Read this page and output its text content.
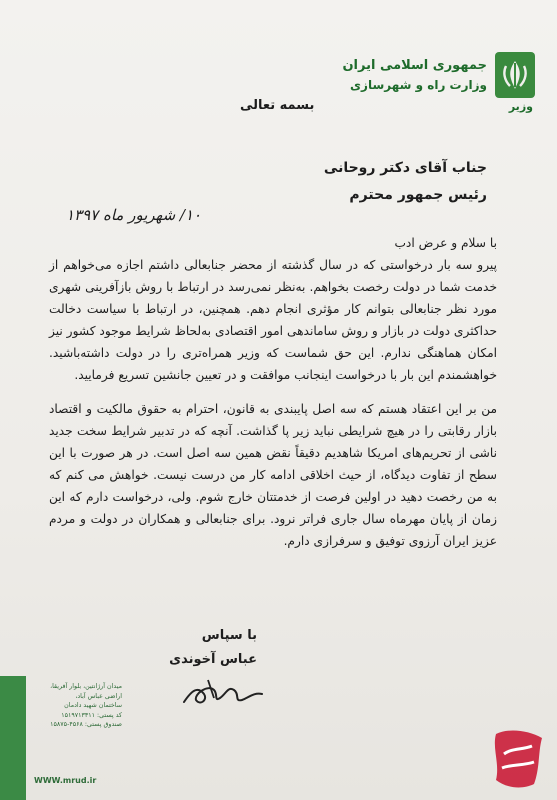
جمهوری اسلامی ایران
وزارت راه و شهرسازی
وزیر
بسمه تعالی
جناب آقای دکتر روحانی
رئیس جمهور محترم
۱۰/ شهریور ماه ۱۳۹۷

با سلام و عرض ادب

پیرو سه بار درخواستی که در سال گذشته از محضر جنابعالی داشتم اجازه می‌خواهم از خدمت شما در دولت رخصت بخواهم. به‌نظر نمی‌رسد در ارتباط با روش بازآفرینی شهری مورد نظر جنابعالی بتوانم کار مؤثری انجام دهم. همچنین، در ارتباط با سیاست دخالت حداکثری دولت در بازار و روش ساماندهی امور اقتصادی به‌لحاظ شرایط موجود کشور نیز امکان هماهنگی ندارم. این حق شماست که وزیر همراه‌تری را در دولت داشته‌باشید. خواهشمندم این بار با درخواست اینجانب موافقت و در تعیین جانشین تسریع فرمایید.

من بر این اعتقاد هستم که سه اصل پایبندی به قانون، احترام به حقوق مالکیت و اقتصاد بازار رقابتی را در هیچ شرایطی نباید زیر پا گذاشت. آنچه که در تدبیر شرایط سخت جدید ناشی از تحریم‌های امریکا شاهدیم دقیقاً نقض همین سه اصل است. در هر صورت با این سطح از تفاوت دیدگاه، از حیث اخلاقی ادامه کار من درست نیست. خواهش می کنم که به من رخصت دهید در اولین فرصت از خدمتتان خارج شوم. ولی، درخواست دارم که این زمان از پایان مهرماه سال جاری فراتر نرود. برای جنابعالی و همکاران در دولت و مردم عزیز ایران آرزوی توفیق و سرفرازی دارم.

با سپاس
عباس آخوندی
میدان آرژانتین، بلوار آفریقا،
اراضی عباس آباد،
ساختمان شهید دادمان
کد پستی: ۱۵۱۹۷۱۳۳۱۱
صندوق پستی: ۴۵۶۸-۱۵۸۷۵
WWW.mrud.ir
